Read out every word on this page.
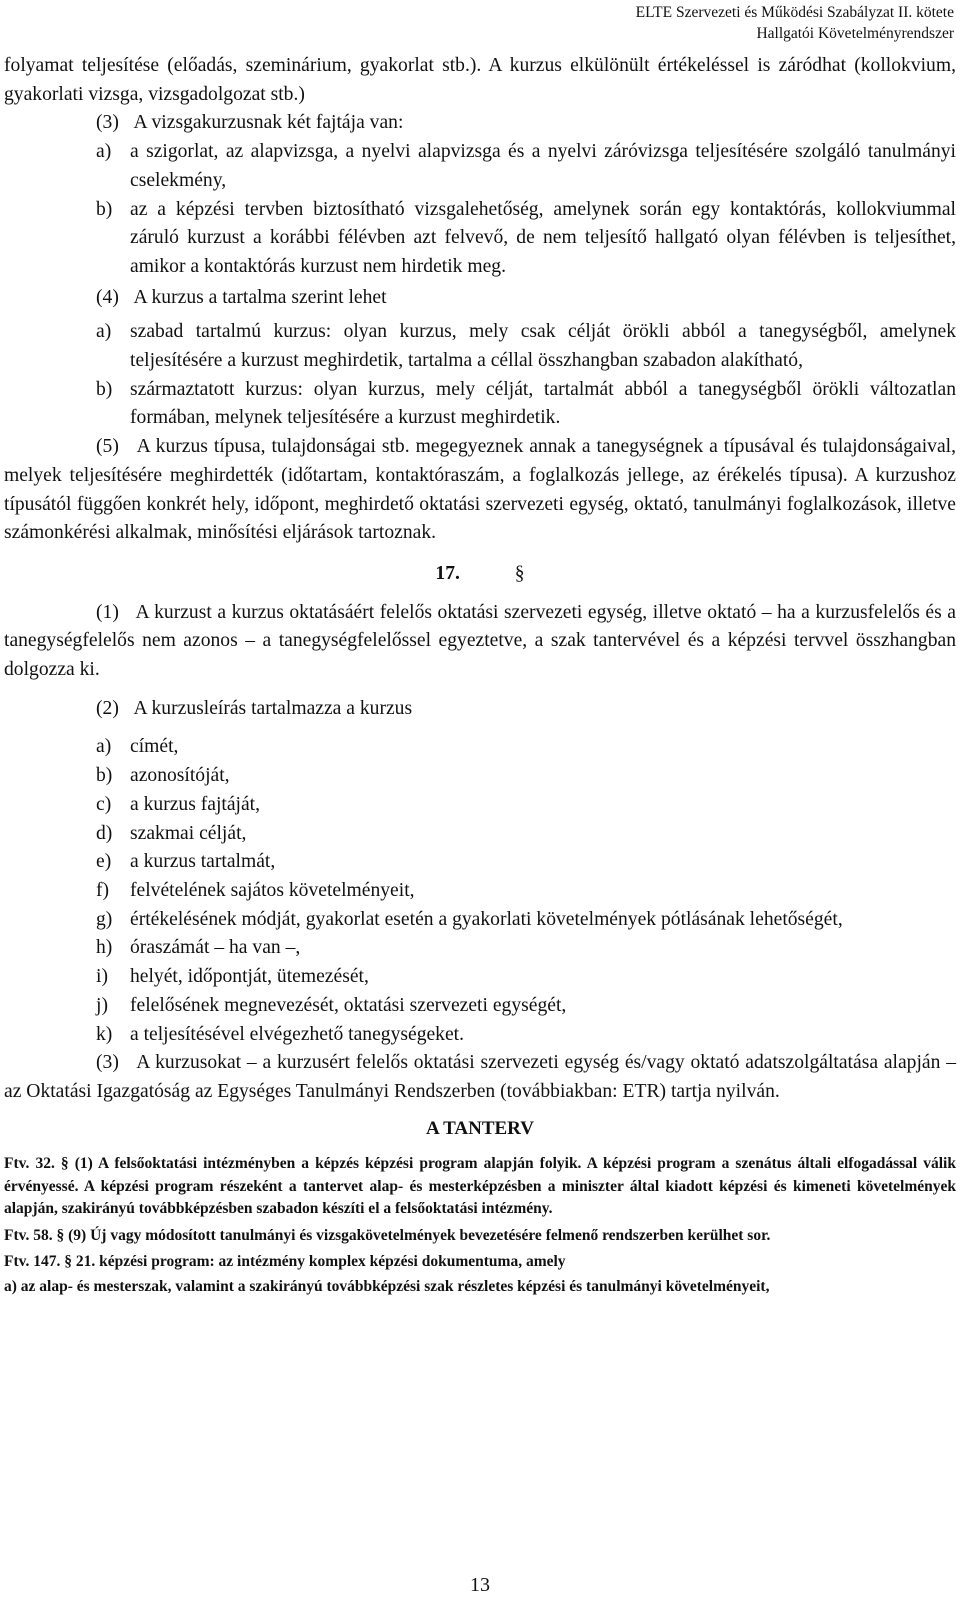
ELTE Szervezeti és Működési Szabályzat II. kötete
Hallgatói Követelményrendszer

folyamat teljesítése (előadás, szeminárium, gyakorlat stb.). A kurzus elkülönült értékeléssel is záródhat (kollokvium, gyakorlati vizsga, vizsgadolgozat stb.)

(3)   A vizsgakurzusnak két fajtája van:

a) a szigorlat, az alapvizsga, a nyelvi alapvizsga és a nyelvi záróvizsga teljesítésére szolgáló tanulmányi cselekmény,
b) az a képzési tervben biztosítható vizsgalehetőség, amelynek során egy kontaktórás, kollokviummal záruló kurzust a korábbi félévben azt felvevő, de nem teljesítő hallgató olyan félévben is teljesíthet, amikor a kontaktórás kurzust nem hirdetik meg.

(4)   A kurzus a tartalma szerint lehet

a) szabad tartalmú kurzus: olyan kurzus, mely csak célját örökli abból a tanegységből, amelynek teljesítésére a kurzust meghirdetik, tartalma a céllal összhangban szabadon alakítható,
b) származtatott kurzus: olyan kurzus, mely célját, tartalmát abból a tanegységből örökli változatlan formában, melynek teljesítésére a kurzust meghirdetik.

(5)   A kurzus típusa, tulajdonságai stb. megegyeznek annak a tanegységnek a típusával és tulajdonságaival, melyek teljesítésére meghirdették (időtartam, kontaktóraszám, a foglalkozás jellege, az érékelés típusa). A kurzushoz típusától függően konkrét hely, időpont, meghirdető oktatási szervezeti egység, oktató, tanulmányi foglalkozások, illetve számonkérési alkalmak, minősítési eljárások tartoznak.

17.	§

(1)   A kurzust a kurzus oktatásáért felelős oktatási szervezeti egység, illetve oktató – ha a kurzusfelelős és a tanegységfelelős nem azonos – a tanegységfelelőssel egyeztetve, a szak tantervével és a képzési tervvel összhangban dolgozza ki.

(2)   A kurzusleírás tartalmazza a kurzus

a) címét,
b) azonosítóját,
c) a kurzus fajtáját,
d) szakmai célját,
e) a kurzus tartalmát,
f)	felvételének sajátos követelményeit,
g) értékelésének módját, gyakorlat esetén a gyakorlati követelmények pótlásának lehetőségét,
h) óraszámát – ha van –,
i)	helyét, időpontját, ütemezését,
j)	felelősének megnevezését, oktatási szervezeti egységét,
k) a teljesítésével elvégezhető tanegységeket.

(3)   A kurzusokat – a kurzusért felelős oktatási szervezeti egység és/vagy oktató adatszolgáltatása alapján – az Oktatási Igazgatóság az Egységes Tanulmányi Rendszerben (továbbiakban: ETR) tartja nyilván.

A TANTERV

Ftv. 32. § (1) A felsőoktatási intézményben a képzés képzési program alapján folyik. A képzési program a szenátus általi elfogadással válik érvényessé. A képzési program részeként a tantervet alap- és mesterképzésben a miniszter által kiadott képzési és kimeneti követelmények alapján, szakirányú továbbképzésben szabadon készíti el a felsőoktatási intézmény.

Ftv. 58. § (9) Új vagy módosított tanulmányi és vizsgakövetelmények bevezetésére felmenő rendszerben kerülhet sor.

Ftv. 147. § 21. képzési program: az intézmény komplex képzési dokumentuma, amely

a) az alap- és mesterszak, valamint a szakirányú továbbképzési szak részletes képzési és tanulmányi követelményeit,

13
